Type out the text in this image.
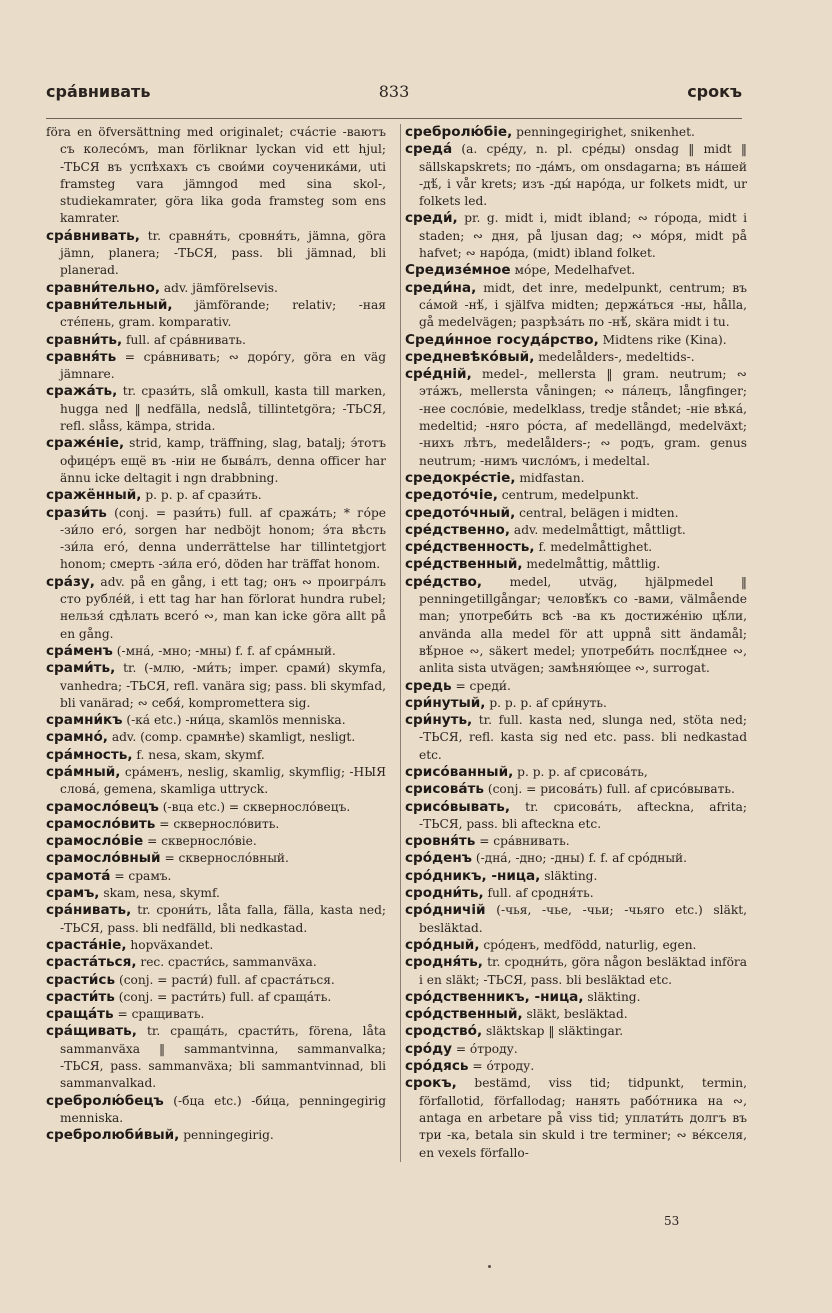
сра́внивать	833	срокъ

föra en öfversättning med originalet; счáстіе -вaютъ съ колесóмъ, man förliknar lyckan vid ett hjul; -ТЬСЯ въ успѣхахъ съ свои́ми соученикáми, uti framsteg vara jämngod med sina skol-, studiekamrater, göra lika goda framsteg som ens kamrater.

сра́внивать, tr. сравня́ть, сровня́ть, jämna, göra jämn, planera; -ТЬСЯ, pass. bli jämnad, bli planerad.

сравни́тельно, adv. jämförelsevis.

сравни́тельный, jämförande; relativ; -ная стéпень, gram. komparativ.

сравни́ть, full. af срáвнивать.

сравня́ть = срáвнивать; ∾ дорóгу, göra en väg jämnare.

сража́ть, tr. срази́ть, slå omkull, kasta till marken, hugga ned ‖ nedfälla, nedslå, tillintetgöra; -ТЬСЯ, refl. slåss, kämpa, strida.

сраже́ніе, strid, kamp, träffning, slag, batalj; э́тотъ офицéръ ещё въ -ніи не бывáлъ, denna officer har ännu icke deltagit i ngn drabbning.

сражённый, p. p. p. af срази́ть.

срази́ть (conj. = рази́ть) full. af сражáть; * гóре -зи́ло егó, sorgen har nedböjt honom; э́та вѣсть -зи́ла егó, denna underrättelse har tillintetgjort honom; смерть -зи́ла егó, döden har träffat honom.

сра́зу, adv. på en gång, i ett tag; онъ ∾ проигрáлъ сто рублéй, i ett tag har han förlorat hundra rubel; нельзя́ сдѣлать всегó ∾, man kan icke göra allt på en gång.

сра́менъ (-мнá, -мно; -мны) f. f. af срáмный.

срами́ть, tr. (-млю, -ми́ть; imper. срами́) skymfa, vanhedra; -ТЬСЯ, refl. vanära sig; pass. bli skymfad, bli vanärad; ∾ себя́, kompromettera sig.

срамни́къ (-кá etc.) -ни́ца, skamlös menniska.

срамно́, adv. (comp. срамнѣе) skamligt, nesligt.

сра́мность, f. nesa, skam, skymf.

сра́мный, срáменъ, neslig, skamlig, skymflig; -НЫЯ словá, gemena, skamliga uttryck.

срамосло́вецъ (-вца etc.) = скверносло́вецъ.

срамосло́вить = скверносло́вить.

срамосло́віе = скверносло́віе.

срамосло́вный = скверносло́вный.

срамота́ = срамъ.

срамъ, skam, nesa, skymf.

сра́нивать, tr. срони́ть, låta falla, fälla, kasta ned; -ТЬСЯ, pass. bli nedfälld, bli nedkastad.

сраста́ніе, hopväxandet.

сраста́ться, rec. срасти́сь, sammanväxa.

срасти́сь (conj. = расти́) full. af срастáться.

срасти́ть (conj. = расти́ть) full. af сращáть.

сраща́ть = сращивать.

сра́щивать, tr. сращáть, срасти́ть, förena, låta sammanväxa ‖ sammantvinna, sammanvalka; -ТЬСЯ, pass. sammanväxa; bli sammantvinnad, bli sammanvalkad.

сребролю́бецъ (-бца etc.) -би́ца, penningegirig menniska.

сребролюби́вый, penningegirig.

сребролю́біе, penningegirighet, snikenhet.

среда́ (a. срéду, n. pl. срéды) onsdag ‖ midt ‖ sällskapskrets; по -да́мъ, om onsdagarna; въ нáшей -дѣ́, i vår krets; изъ -ды́ нарóда, ur folkets midt, ur folkets led.

среди́, pr. g. midt i, midt ibland; ∾ гóрода, midt i staden; ∾ дня, på ljusan dag; ∾ мóря, midt på hafvet; ∾ нарóда, (midt) ibland folket.

Средизе́мное мóре, Medelhafvet.

среди́на, midt, det inre, medelpunkt, centrum; въ сáмой -нѣ́, i själfva midten; держáться -ны, hålla, gå medelvägen; разрѣзáть по -нѣ́, skära midt i tu.

Среди́нное госуда́рство, Midtens rike (Kina).

средневѣко́вый, medelålders-, medeltids-.

сре́дній, medel-, mellersta ‖ gram. neutrum; ∾ этáжъ, mellersta våningen; ∾ пáлецъ, långfinger; -нее сослóвіе, medelklass, tredje ståndet; -ніе вѣкá, medeltid; -няго рóста, af medellängd, medelväxt; -нихъ лѣтъ, medelålders-; ∾ родъ, gram. genus neutrum; -нимъ числóмъ, i medeltal.

средокре́стіе, midfastan.

средото́чіе, centrum, medelpunkt.

средото́чный, central, belägen i midten.

сре́дственно, adv. medelmåttigt, måttligt.

сре́дственность, f. medelmåttighet.

сре́дственный, medelmåttig, måttlig.

сре́дство, medel, utväg, hjälpmedel ‖ penningetillgångar; человѣ́къ со -вами, välmående man; употреби́ть всѣ -ва къ достижéнію цѣ́ли, använda alla medel för att uppnå sitt ändamål; вѣ́рное ∾, säkert medel; употреби́ть послѣ́днее ∾, anlita sista utvägen; замѣняю́щее ∾, surrogat.

средь = среди́.

сри́нутый, p. p. p. af сри́нуть.

сри́нуть, tr. full. kasta ned, slunga ned, stöta ned; -ТЬСЯ, refl. kasta sig ned etc. pass. bli nedkastad etc.

срисо́ванный, p. p. p. af срисовáть,

срисова́ть (conj. = рисовáть) full. af срисóвывать.

срисо́вывать, tr. срисовáть, afteckna, afrita; -ТЬСЯ, pass. bli afteckna etc.

сровня́ть = срáвнивать.

сро́денъ (-днá, -дно; -дны) f. f. af срóдный.

сро́дникъ, -ница, släkting.

сродни́ть, full. af сродня́ть.

сро́дничій (-чья, -чье, -чьи; -чьяго etc.) släkt, besläktad.

сро́дный, срóденъ, medfödd, naturlig, egen.

сродня́ть, tr. сродни́ть, göra någon besläktad införa i en släkt; -ТЬСЯ, pass. bli besläktad etc.

сро́дственникъ, -ница, släkting.

сро́дственный, släkt, besläktad.

сродство́, släktskap ‖ släktingar.

сро́ду = óтроду.

сро́дясь = óтроду.

срокъ, bestämd, viss tid; tidpunkt, termin, förfallotid, förfallodag; нанять рабóтника на ∾, antaga en arbetare på viss tid; уплати́ть долгъ въ три -ка, betala sin skuld i tre terminer; ∾ вéкселя, en vexels förfallo-

53
